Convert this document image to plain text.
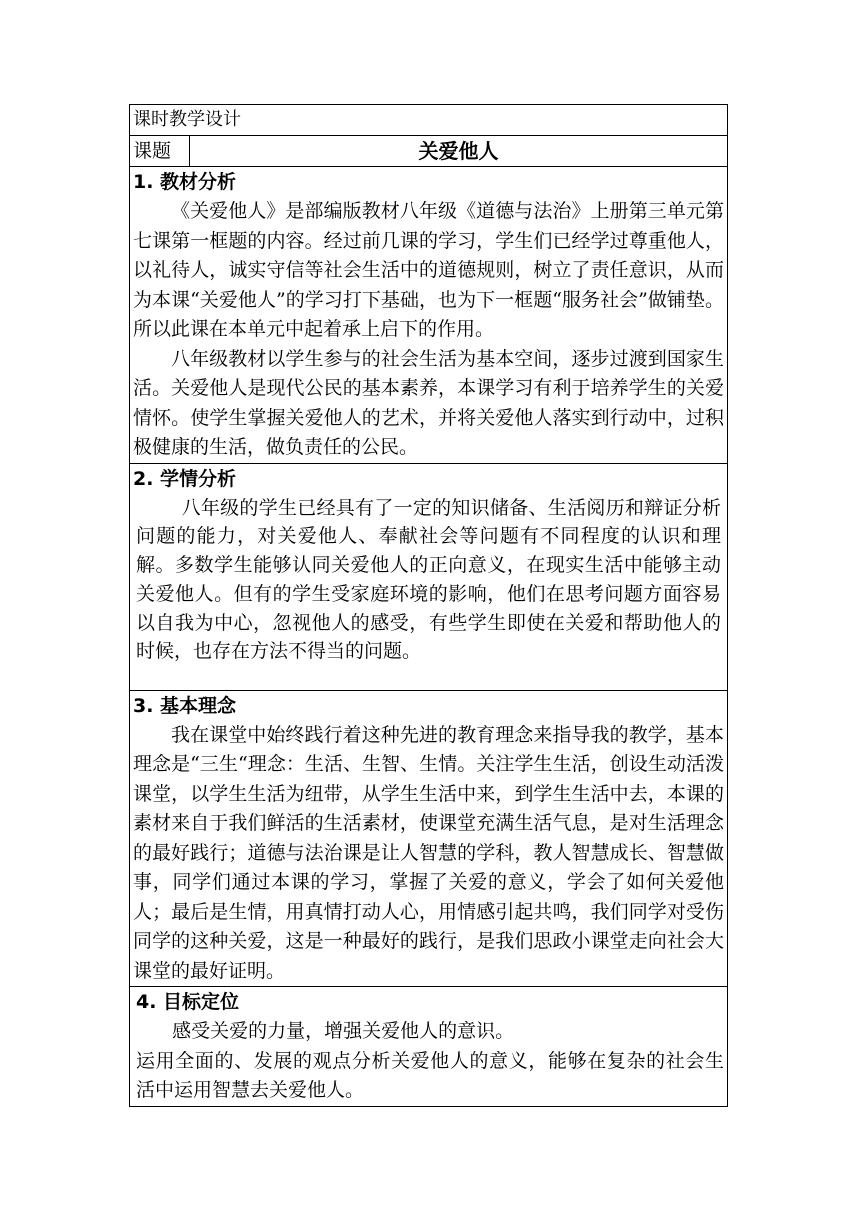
课时教学设计
课题	关爱他人

1. 教材分析

《关爱他人》是部编版教材八年级《道德与法治》上册第三单元第七课第一框题的内容。经过前几课的学习，学生们已经学过尊重他人，以礼待人，诚实守信等社会生活中的道德规则，树立了责任意识，从而为本课“关爱他人”的学习打下基础，也为下一框题“服务社会”做铺垫。所以此课在本单元中起着承上启下的作用。

八年级教材以学生参与的社会生活为基本空间，逐步过渡到国家生活。关爱他人是现代公民的基本素养，本课学习有利于培养学生的关爱情怀。使学生掌握关爱他人的艺术，并将关爱他人落实到行动中，过积极健康的生活，做负责任的公民。

2. 学情分析

八年级的学生已经具有了一定的知识储备、生活阅历和辩证分析问题的能力，对关爱他人、奉献社会等问题有不同程度的认识和理解。多数学生能够认同关爱他人的正向意义，在现实生活中能够主动关爱他人。但有的学生受家庭环境的影响，他们在思考问题方面容易以自我为中心，忽视他人的感受，有些学生即使在关爱和帮助他人的时候，也存在方法不得当的问题。

3. 基本理念

我在课堂中始终践行着这种先进的教育理念来指导我的教学，基本理念是“三生“理念：生活、生智、生情。关注学生生活，创设生动活泼课堂，以学生生活为纽带，从学生生活中来，到学生生活中去，本课的素材来自于我们鲜活的生活素材，使课堂充满生活气息，是对生活理念的最好践行；道德与法治课是让人智慧的学科，教人智慧成长、智慧做事，同学们通过本课的学习，掌握了关爱的意义，学会了如何关爱他人；最后是生情，用真情打动人心，用情感引起共鸣，我们同学对受伤同学的这种关爱，这是一种最好的践行，是我们思政小课堂走向社会大课堂的最好证明。

4. 目标定位

感受关爱的力量，增强关爱他人的意识。

运用全面的、发展的观点分析关爱他人的意义，能够在复杂的社会生活中运用智慧去关爱他人。
